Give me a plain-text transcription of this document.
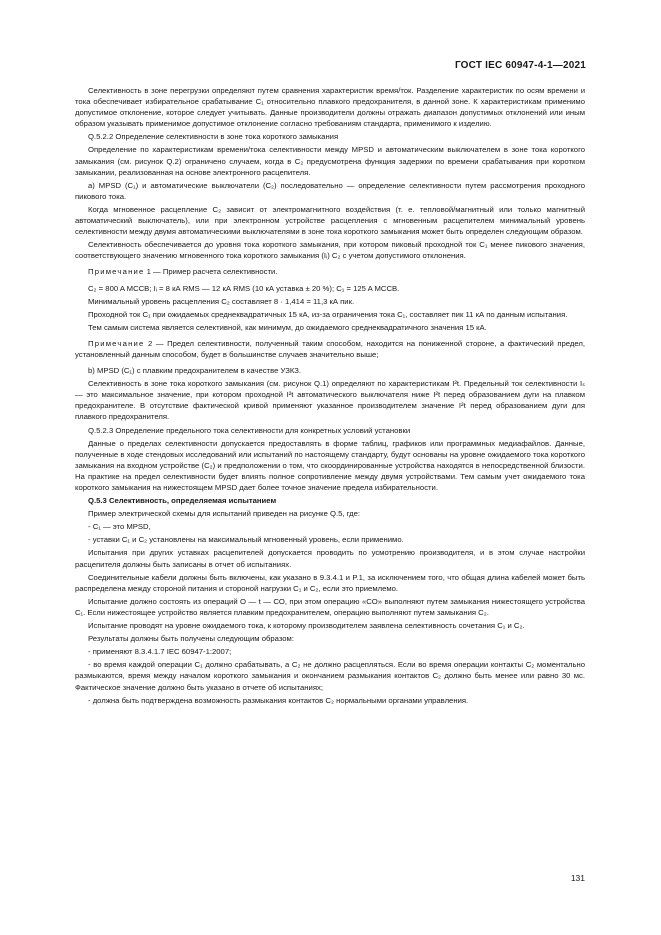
ГОСТ IEC 60947-4-1—2021

Селективность в зоне перегрузки определяют путем сравнения характеристик время/ток. Разделение характеристик по осям времени и тока обеспечивает избирательное срабатывание C₁ относительно плавкого предохранителя, в данной зоне. К характеристикам применимо допустимое отклонение, которое следует учитывать. Данные производители должны отражать диапазон допустимых отклонений или иным образом указывать применимое допустимое отклонение согласно требованиям стандарта, применимого к изделию.

Q.5.2.2 Определение селективности в зоне тока короткого замыкания

Определение по характеристикам времени/тока селективности между MPSD и автоматическим выключателем в зоне тока короткого замыкания (см. рисунок Q.2) ограничено случаем, когда в C₂ предусмотрена функция задержки по времени срабатывания при коротком замыкании, реализованная на основе электронного расцепителя.

a) MPSD (C₁) и автоматические выключатели (C₂) последовательно — определение селективности путем рассмотрения проходного пикового тока.

Когда мгновенное расцепление C₂ зависит от электромагнитного воздействия (т. е. тепловой/магнитный или только магнитный автоматический выключатель), или при электронном устройстве расцепления с мгновенным расцепителем минимальный уровень селективности между двумя автоматическими выключателями в зоне тока короткого замыкания может быть определен следующим образом.

Селективность обеспечивается до уровня тока короткого замыкания, при котором пиковый проходной ток C₁ менее пикового значения, соответствующего значению мгновенного тока короткого замыкания (Iᵢ) C₂ с учетом допустимого отклонения.

Примечание 1 — Пример расчета селективности.

C₂ = 800 A MCCB; Iᵢ = 8 кА RMS — 12 кА RMS (10 кА уставка ± 20 %); C₁ = 125 A MCCB.

Минимальный уровень расцепления C₂ составляет 8 · 1,414 = 11,3 кА пик.

Проходной ток C₁ при ожидаемых среднеквадратичных 15 кА, из-за ограничения тока C₁, составляет пик 11 кА по данным испытания.

Тем самым система является селективной, как минимум, до ожидаемого среднеквадратичного значения 15 кА.

Примечание 2 — Предел селективности, полученный таким способом, находится на пониженной стороне, а фактический предел, установленный данным способом, будет в большинстве случаев значительно выше;

b) MPSD (C₁) с плавким предохранителем в качестве УЗКЗ.

Селективность в зоне тока короткого замыкания (см. рисунок Q.1) определяют по характеристикам I²t. Предельный ток селективности Iₛ — это максимальное значение, при котором проходной I²t автоматического выключателя ниже I²t перед образованием дуги на плавком предохранителе. В отсутствие фактической кривой применяют указанное производителем значение I²t перед образованием дуги для плавкого предохранителя.

Q.5.2.3 Определение предельного тока селективности для конкретных условий установки

Данные о пределах селективности допускается предоставлять в форме таблиц, графиков или программных медиафайлов. Данные, полученные в ходе стендовых исследований или испытаний по настоящему стандарту, будут основаны на уровне ожидаемого тока короткого замыкания на входном устройстве (C₂) и предположении о том, что скоординированные устройства находятся в непосредственной близости. На практике на предел селективности будет влиять полное сопротивление между двумя устройствами. Тем самым учет ожидаемого тока короткого замыкания на нижестоящем MPSD дает более точное значение предела избирательности.

Q.5.3 Селективность, определяемая испытанием

Пример электрической схемы для испытаний приведен на рисунке Q.5, где:

- C₁ — это MPSD,

- уставки C₁ и C₂ установлены на максимальный мгновенный уровень, если применимо.

Испытания при других уставках расцепителей допускается проводить по усмотрению производителя, и в этом случае настройки расцепителя должны быть записаны в отчет об испытаниях.

Соединительные кабели должны быть включены, как указано в 9.3.4.1 и P.1, за исключением того, что общая длина кабелей может быть распределена между стороной питания и стороной нагрузки C₁ и C₂, если это приемлемо.

Испытание должно состоять из операций O — t — CO, при этом операцию «CO» выполняют путем замыкания нижестоящего устройства C₁. Если нижестоящее устройство является плавким предохранителем, операцию выполняют путем замыкания C₂.

Испытание проводят на уровне ожидаемого тока, к которому производителем заявлена селективность сочетания C₁ и C₂.

Результаты должны быть получены следующим образом:

- применяют 8.3.4.1.7 IEC 60947-1:2007;

- во время каждой операции C₁ должно срабатывать, а C₂ не должно расцепляться. Если во время операции контакты C₂ моментально размыкаются, время между началом короткого замыкания и окончанием размыкания контактов C₂ должно быть менее или равно 30 мс. Фактическое значение должно быть указано в отчете об испытаниях;

- должна быть подтверждена возможность размыкания контактов C₂ нормальными органами управления.

131
